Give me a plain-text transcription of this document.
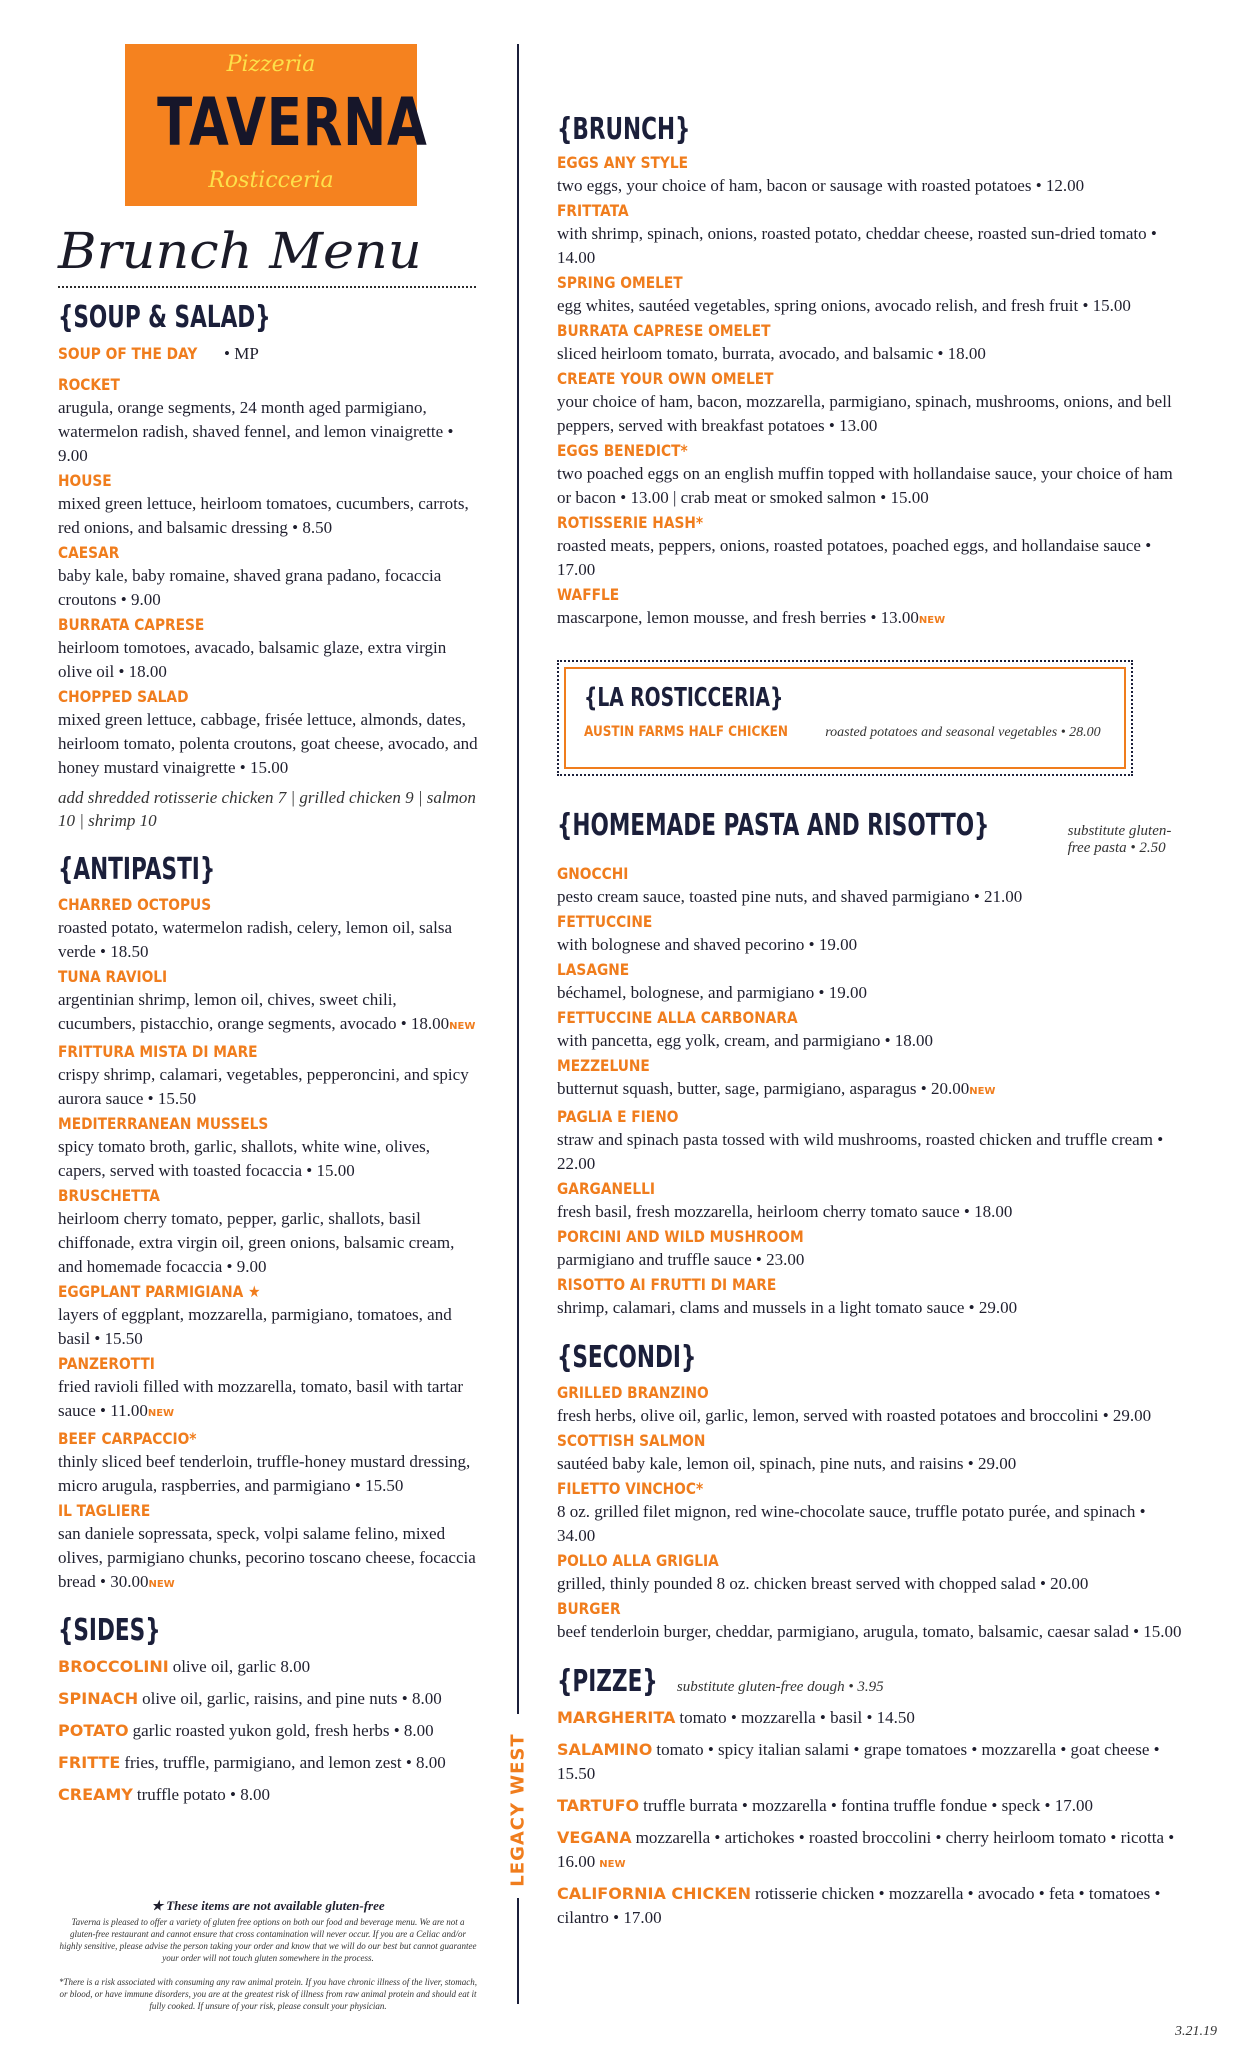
Pizzeria
TAVERNA
Rosticceria
Brunch Menu
{SOUP & SALAD}
SOUP OF THE DAY • MP
ROCKET
arugula, orange segments, 24 month aged parmigiano, watermelon radish, shaved fennel, and lemon vinaigrette • 9.00
HOUSE
mixed green lettuce, heirloom tomatoes, cucumbers, carrots, red onions, and balsamic dressing • 8.50
CAESAR
baby kale, baby romaine, shaved grana padano, focaccia croutons • 9.00
BURRATA CAPRESE
heirloom tomotoes, avacado, balsamic glaze, extra virgin olive oil • 18.00
CHOPPED SALAD
mixed green lettuce, cabbage, frisée lettuce, almonds, dates, heirloom tomato, polenta croutons, goat cheese, avocado, and honey mustard vinaigrette • 15.00
add shredded rotisserie chicken 7 | grilled chicken 9 | salmon 10 | shrimp 10
{ANTIPASTI}
CHARRED OCTOPUS
roasted potato, watermelon radish, celery, lemon oil, salsa verde • 18.50
TUNA RAVIOLI
argentinian shrimp, lemon oil, chives, sweet chili, cucumbers, pistacchio, orange segments, avocado • 18.00NEW
FRITTURA MISTA DI MARE
crispy shrimp, calamari, vegetables, pepperoncini, and spicy aurora sauce • 15.50
MEDITERRANEAN MUSSELS
spicy tomato broth, garlic, shallots, white wine, olives, capers, served with toasted focaccia • 15.00
BRUSCHETTA
heirloom cherry tomato, pepper, garlic, shallots, basil chiffonade, extra virgin oil, green onions, balsamic cream, and homemade focaccia • 9.00
EGGPLANT PARMIGIANA ★
layers of eggplant, mozzarella, parmigiano, tomatoes, and basil • 15.50
PANZEROTTI
fried ravioli filled with mozzarella, tomato, basil with tartar sauce • 11.00NEW
BEEF CARPACCIO*
thinly sliced beef tenderloin, truffle-honey mustard dressing, micro arugula, raspberries, and parmigiano • 15.50
IL TAGLIERE
san daniele sopressata, speck, volpi salame felino, mixed olives, parmigiano chunks, pecorino toscano cheese, focaccia bread • 30.00NEW
{SIDES}
BROCCOLINI olive oil, garlic 8.00
SPINACH olive oil, garlic, raisins, and pine nuts • 8.00
POTATO garlic roasted yukon gold, fresh herbs • 8.00
FRITTE fries, truffle, parmigiano, and lemon zest • 8.00
CREAMY truffle potato • 8.00
★ These items are not available gluten-free
Taverna is pleased to offer a variety of gluten free options on both our food and beverage menu. We are not a gluten-free restaurant and cannot ensure that cross contamination will never occur. If you are a Celiac and/or highly sensitive, please advise the person taking your order and know that we will do our best but cannot guarantee your order will not touch gluten somewhere in the process.
*There is a risk associated with consuming any raw animal protein. If you have chronic illness of the liver, stomach, or blood, or have immune disorders, you are at the greatest risk of illness from raw animal protein and should eat it fully cooked. If unsure of your risk, please consult your physician.
LEGACY WEST
{BRUNCH}
EGGS ANY STYLE
two eggs, your choice of ham, bacon or sausage with roasted potatoes • 12.00
FRITTATA
with shrimp, spinach, onions, roasted potato, cheddar cheese, roasted sun-dried tomato • 14.00
SPRING OMELET
egg whites, sautéed vegetables, spring onions, avocado relish, and fresh fruit • 15.00
BURRATA CAPRESE OMELET
sliced heirloom tomato, burrata, avocado, and balsamic • 18.00
CREATE YOUR OWN OMELET
your choice of ham, bacon, mozzarella, parmigiano, spinach, mushrooms, onions, and bell peppers, served with breakfast potatoes • 13.00
EGGS BENEDICT*
two poached eggs on an english muffin topped with hollandaise sauce, your choice of ham or bacon • 13.00 | crab meat or smoked salmon • 15.00
ROTISSERIE HASH*
roasted meats, peppers, onions, roasted potatoes, poached eggs, and hollandaise sauce • 17.00
WAFFLE
mascarpone, lemon mousse, and fresh berries • 13.00NEW
{LA ROSTICCERIA}
AUSTIN FARMS HALF CHICKEN	roasted potatoes and seasonal vegetables • 28.00
{HOMEMADE PASTA AND RISOTTO}	substitute gluten-free pasta • 2.50
GNOCCHI
pesto cream sauce, toasted pine nuts, and shaved parmigiano • 21.00
FETTUCCINE
with bolognese and shaved pecorino • 19.00
LASAGNE
béchamel, bolognese, and parmigiano • 19.00
FETTUCCINE ALLA CARBONARA
with pancetta, egg yolk, cream, and parmigiano • 18.00
MEZZELUNE
butternut squash, butter, sage, parmigiano, asparagus • 20.00NEW
PAGLIA E FIENO
straw and spinach pasta tossed with wild mushrooms, roasted chicken and truffle cream • 22.00
GARGANELLI
fresh basil, fresh mozzarella, heirloom cherry tomato sauce • 18.00
PORCINI AND WILD MUSHROOM
parmigiano and truffle sauce • 23.00
RISOTTO AI FRUTTI DI MARE
shrimp, calamari, clams and mussels in a light tomato sauce • 29.00
{SECONDI}
GRILLED BRANZINO
fresh herbs, olive oil, garlic, lemon, served with roasted potatoes and broccolini • 29.00
SCOTTISH SALMON
sautéed baby kale, lemon oil, spinach, pine nuts, and raisins • 29.00
FILETTO VINCHOC*
8 oz. grilled filet mignon, red wine-chocolate sauce, truffle potato purée, and spinach • 34.00
POLLO ALLA GRIGLIA
grilled, thinly pounded 8 oz. chicken breast served with chopped salad • 20.00
BURGER
beef tenderloin burger, cheddar, parmigiano, arugula, tomato, balsamic, caesar salad • 15.00
{PIZZE} substitute gluten-free dough • 3.95
MARGHERITA tomato • mozzarella • basil • 14.50
SALAMINO tomato • spicy italian salami • grape tomatoes • mozzarella • goat cheese • 15.50
TARTUFO truffle burrata • mozzarella • fontina truffle fondue • speck • 17.00
VEGANA mozzarella • artichokes • roasted broccolini • cherry heirloom tomato • ricotta • 16.00 NEW
CALIFORNIA CHICKEN rotisserie chicken • mozzarella • avocado • feta • tomatoes • cilantro • 17.00
3.21.19
